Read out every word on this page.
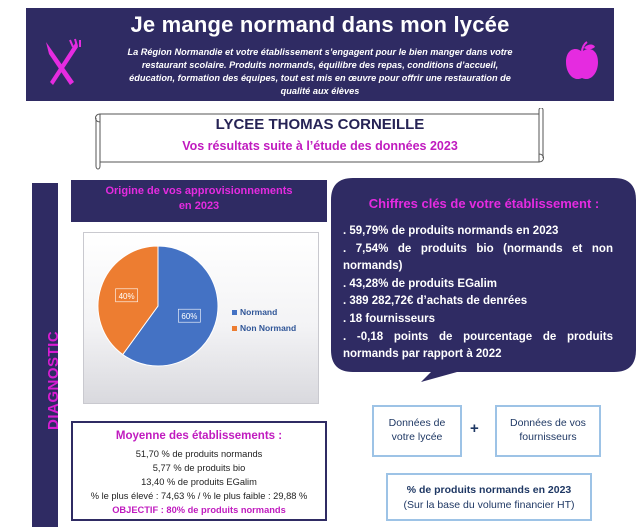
Je mange normand dans mon lycée
La Région Normandie et votre établissement s’engagent pour le bien manger dans votre restaurant scolaire. Produits normands, équilibre des repas, conditions d’accueil, éducation, formation des équipes, tout est mis en œuvre pour offrir une restauration de qualité aux élèves
LYCEE THOMAS CORNEILLE
Vos résultats suite à l’étude des données 2023
DIAGNOSTIC
Origine de vos approvisionnements
en 2023
60%
40%
Normand
Non Normand
Chiffres clés de votre établissement :
. 59,79% de produits normands en 2023
. 7,54% de produits bio (normands et non normands)
. 43,28% de produits EGalim
. 389 282,72€ d’achats de denrées
. 18 fournisseurs
. -0,18 points de pourcentage de produits normands par rapport à 2022
Moyenne des établissements :
51,70 % de produits normands
5,77 % de produits bio
13,40 % de produits EGalim
% le plus élevé : 74,63 % / % le plus faible : 29,88 %
OBJECTIF : 80% de produits normands
Données de
votre lycée	+	Données de vos
fournisseurs
% de produits normands en 2023
(Sur la base du volume financier HT)
